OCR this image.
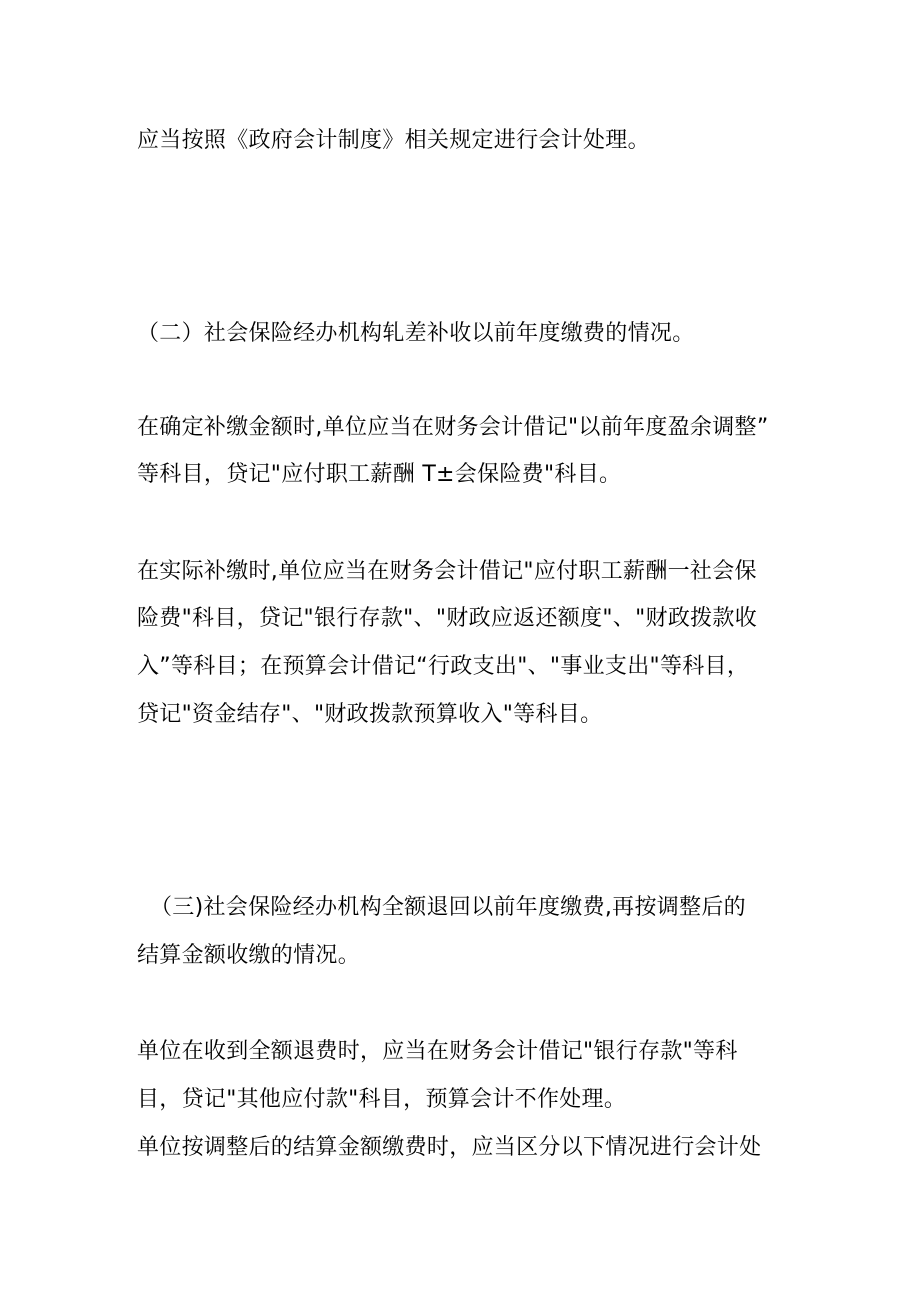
应当按照《政府会计制度》相关规定进行会计处理。
（二）社会保险经办机构轧差补收以前年度缴费的情况。
在确定补缴金额时,单位应当在财务会计借记"以前年度盈余调整”
等科目，贷记"应付职工薪酬 T±会保险费"科目。
在实际补缴时,单位应当在财务会计借记"应付职工薪酬一社会保
险费"科目，贷记"银行存款"、"财政应返还额度"、"财政拨款收
入”等科目；在预算会计借记“行政支出"、"事业支出"等科目，
贷记"资金结存"、"财政拨款预算收入"等科目。
（三)社会保险经办机构全额退回以前年度缴费,再按调整后的
结算金额收缴的情况。
单位在收到全额退费时，应当在财务会计借记"银行存款"等科
目，贷记"其他应付款"科目，预算会计不作处理。
单位按调整后的结算金额缴费时，应当区分以下情况进行会计处
